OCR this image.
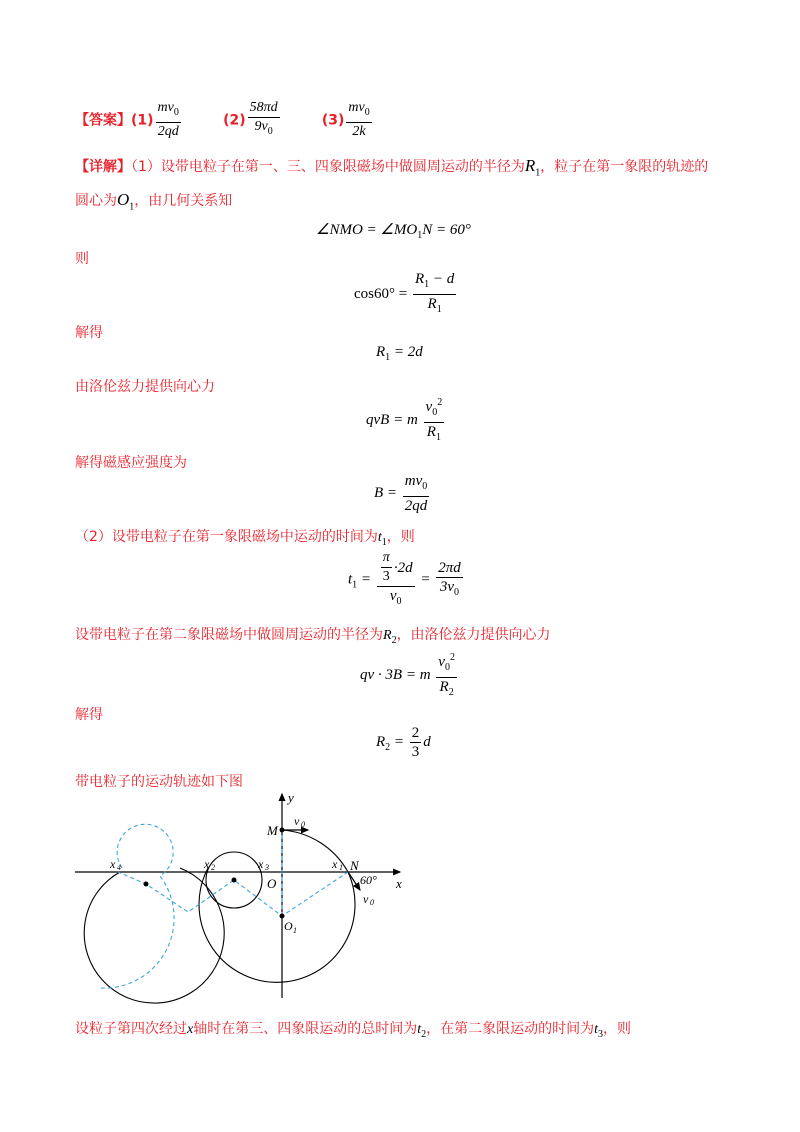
【答案】$(1) \frac{mv_0}{2qd}$	$(2) \frac{58\pi d}{9v_0}$	$(3) \frac{mv_0}{2k}$
【详解】（1）设带电粒子在第一、三、四象限磁场中做圆周运动的半径为$R_1$，粒子在第一象限的轨迹的
圆心为$O_1$，由几何关系知
∠NMO = $\angle MO_1N = 60^\circ$
则
$\cos 60^\circ = \frac{R_1 - d}{R_1}$
解得
$R_1 = 2d$
由洛伦兹力提供向心力
qvB = m $\frac{v_0^2}{R_1}$
解得磁感应强度为
$B = \frac{mv_0}{2qd}$
（2）设带电粒子在第一象限磁场中运动的时间为$t_1$，则
$t_1 = \frac{\frac{\pi}{3} \cdot 2d}{v_0} = \frac{2\pi d}{3v_0}$
设带电粒子在第二象限磁场中做圆周运动的半径为$R_2$，由洛伦兹力提供向心力
qv · 3B = m $\frac{v_0^2}{R_2}$
解得
$R_2 = \frac{2}{3}$ d
带电粒子的运动轨迹如下图
y
x
M
N
O
O 1
v 0
v 0
60°
x 1
x 2	x 3
x 4
设粒子第四次经过x轴时在第三、四象限运动的总时间为$t_2$，在第二象限运动的时间为$t_3$，则
